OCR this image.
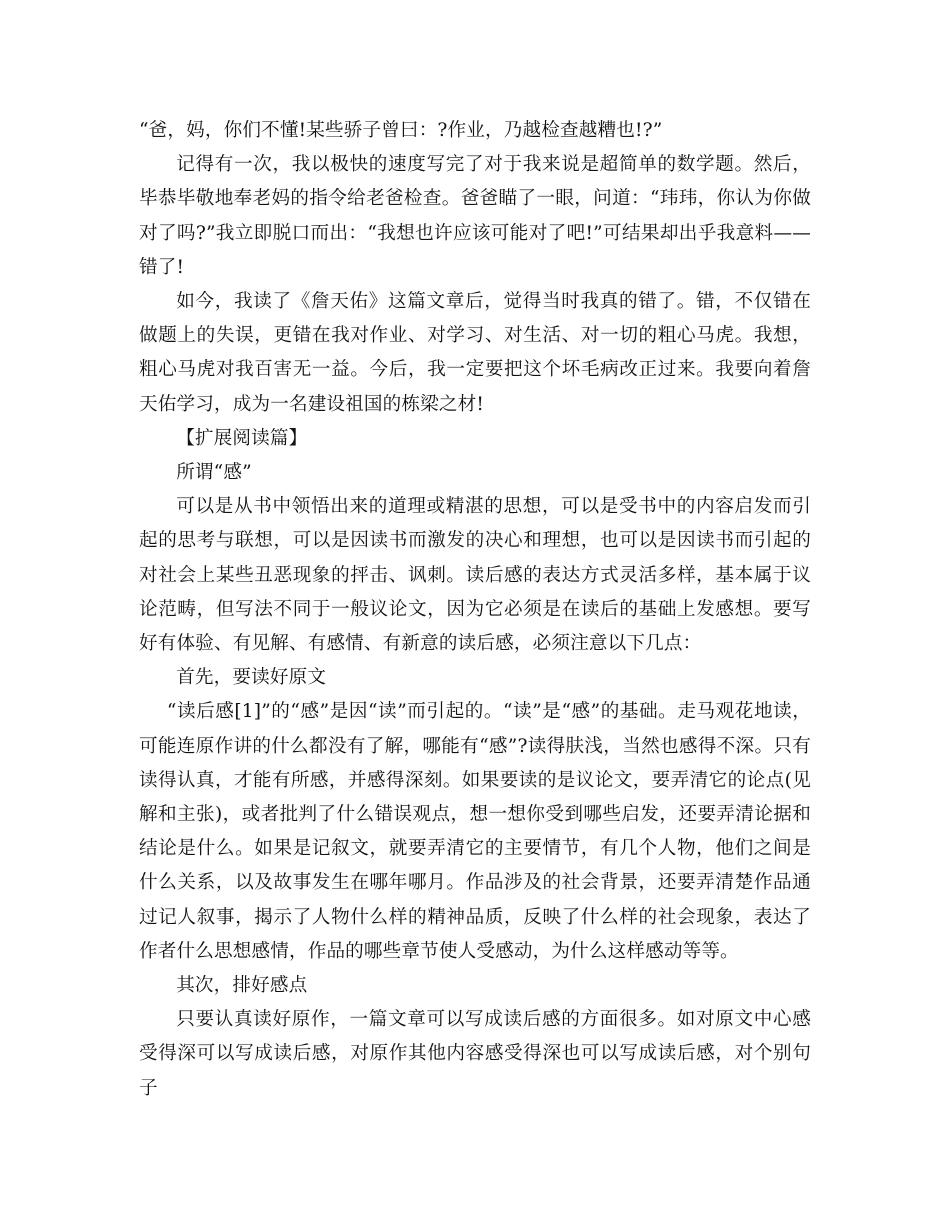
“爸，妈，你们不懂!某些骄子曾曰：?作业，乃越检查越糟也!?”

记得有一次，我以极快的速度写完了对于我来说是超简单的数学题。然后，毕恭毕敬地奉老妈的指令给老爸检查。爸爸瞄了一眼，问道：“玮玮，你认为你做对了吗?”我立即脱口而出：“我想也许应该可能对了吧!”可结果却出乎我意料——错了!

如今，我读了《詹天佑》这篇文章后，觉得当时我真的错了。错，不仅错在做题上的失误，更错在我对作业、对学习、对生活、对一切的粗心马虎。我想，粗心马虎对我百害无一益。今后，我一定要把这个坏毛病改正过来。我要向着詹天佑学习，成为一名建设祖国的栋梁之材!

【扩展阅读篇】

所谓“感”

可以是从书中领悟出来的道理或精湛的思想，可以是受书中的内容启发而引起的思考与联想，可以是因读书而激发的决心和理想，也可以是因读书而引起的对社会上某些丑恶现象的抨击、讽刺。读后感的表达方式灵活多样，基本属于议论范畴，但写法不同于一般议论文，因为它必须是在读后的基础上发感想。要写好有体验、有见解、有感情、有新意的读后感，必须注意以下几点：

首先，要读好原文

“读后感[1]”的“感”是因“读”而引起的。“读”是“感”的基础。走马观花地读，可能连原作讲的什么都没有了解，哪能有“感”?读得肤浅，当然也感得不深。只有读得认真，才能有所感，并感得深刻。如果要读的是议论文，要弄清它的论点(见解和主张)，或者批判了什么错误观点，想一想你受到哪些启发，还要弄清论据和结论是什么。如果是记叙文，就要弄清它的主要情节，有几个人物，他们之间是什么关系，以及故事发生在哪年哪月。作品涉及的社会背景，还要弄清楚作品通过记人叙事，揭示了人物什么样的精神品质，反映了什么样的社会现象，表达了作者什么思想感情，作品的哪些章节使人受感动，为什么这样感动等等。

其次，排好感点

只要认真读好原作，一篇文章可以写成读后感的方面很多。如对原文中心感受得深可以写成读后感，对原作其他内容感受得深也可以写成读后感，对个别句子
